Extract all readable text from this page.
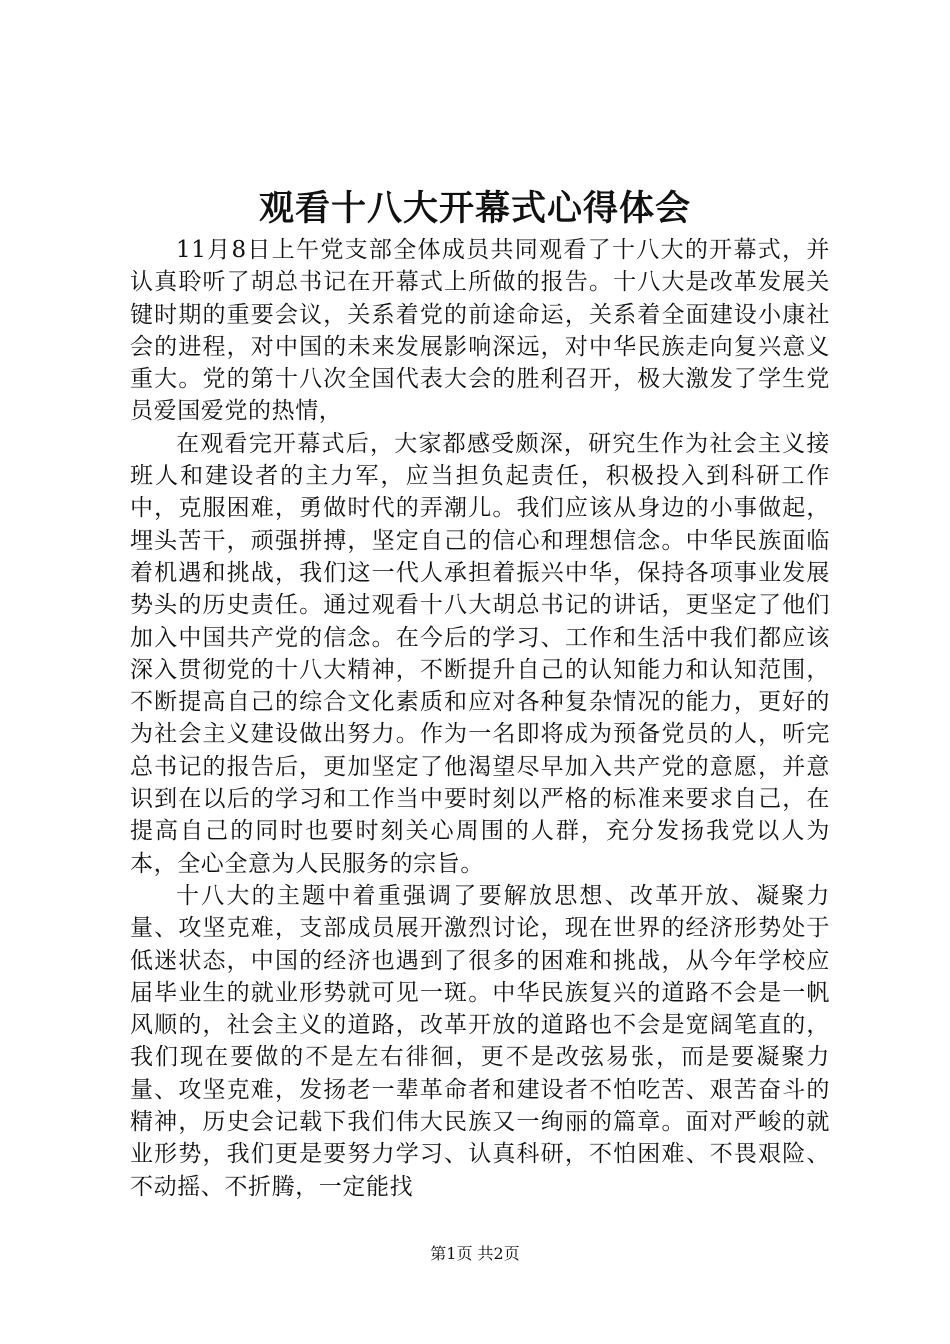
观看十八大开幕式心得体会

11月8日上午党支部全体成员共同观看了十八大的开幕式，并认真聆听了胡总书记在开幕式上所做的报告。十八大是改革发展关键时期的重要会议，关系着党的前途命运，关系着全面建设小康社会的进程，对中国的未来发展影响深远，对中华民族走向复兴意义重大。党的第十八次全国代表大会的胜利召开，极大激发了学生党员爱国爱党的热情，

在观看完开幕式后，大家都感受颇深，研究生作为社会主义接班人和建设者的主力军，应当担负起责任，积极投入到科研工作中，克服困难，勇做时代的弄潮儿。我们应该从身边的小事做起，埋头苦干，顽强拼搏，坚定自己的信心和理想信念。中华民族面临着机遇和挑战，我们这一代人承担着振兴中华，保持各项事业发展势头的历史责任。通过观看十八大胡总书记的讲话，更坚定了他们加入中国共产党的信念。在今后的学习、工作和生活中我们都应该深入贯彻党的十八大精神，不断提升自己的认知能力和认知范围，不断提高自己的综合文化素质和应对各种复杂情况的能力，更好的为社会主义建设做出努力。作为一名即将成为预备党员的人，听完总书记的报告后，更加坚定了他渴望尽早加入共产党的意愿，并意识到在以后的学习和工作当中要时刻以严格的标准来要求自己，在提高自己的同时也要时刻关心周围的人群，充分发扬我党以人为本，全心全意为人民服务的宗旨。

十八大的主题中着重强调了要解放思想、改革开放、凝聚力量、攻坚克难，支部成员展开激烈讨论，现在世界的经济形势处于低迷状态，中国的经济也遇到了很多的困难和挑战，从今年学校应届毕业生的就业形势就可见一斑。中华民族复兴的道路不会是一帆风顺的，社会主义的道路，改革开放的道路也不会是宽阔笔直的，我们现在要做的不是左右徘徊，更不是改弦易张，而是要凝聚力量、攻坚克难，发扬老一辈革命者和建设者不怕吃苦、艰苦奋斗的精神，历史会记载下我们伟大民族又一绚丽的篇章。面对严峻的就业形势，我们更是要努力学习、认真科研，不怕困难、不畏艰险、不动摇、不折腾，一定能找

第1页 共2页
